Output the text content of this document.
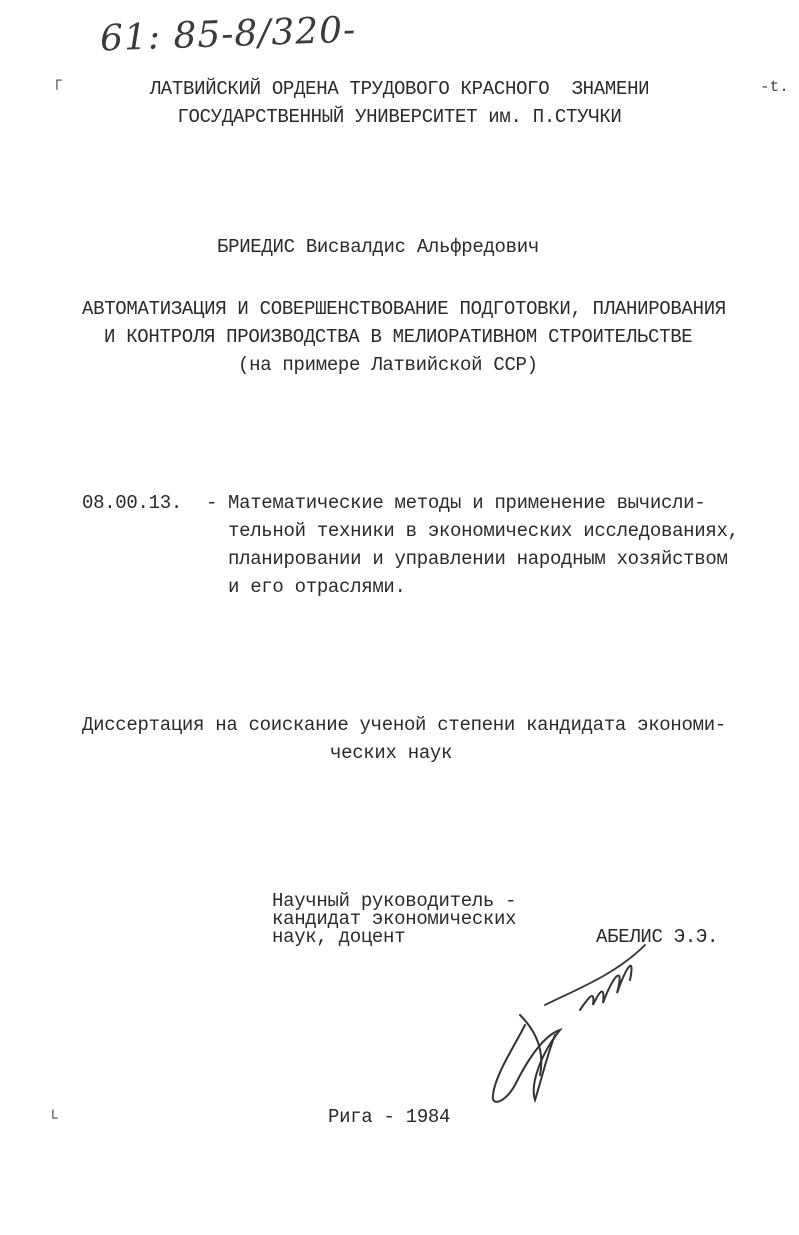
61: 85-8/320-
┌	-t.
└
ЛАТВИЙСКИЙ ОРДЕНА ТРУДОВОГО КРАСНОГО  ЗНАМЕНИ
ГОСУДАРСТВЕННЫЙ УНИВЕРСИТЕТ им. П.СТУЧКИ
БРИЕДИС Висвалдис Альфредович
АВТОМАТИЗАЦИЯ И СОВЕРШЕНСТВОВАНИЕ ПОДГОТОВКИ, ПЛАНИРОВАНИЯ
И КОНТРОЛЯ ПРОИЗВОДСТВА В МЕЛИОРАТИВНОМ СТРОИТЕЛЬСТВЕ
(на примере Латвийской ССР)
08.00.13. - Математические методы и применение вычисли-
тельной техники в экономических исследованиях,
планировании и управлении народным хозяйством
и его отраслями.
Диссертация на соискание ученой степени кандидата экономи-
ческих наук
Научный руководитель -
кандидат экономических
наук, доцент	АБЕЛИС Э.Э.
Рига - 1984
